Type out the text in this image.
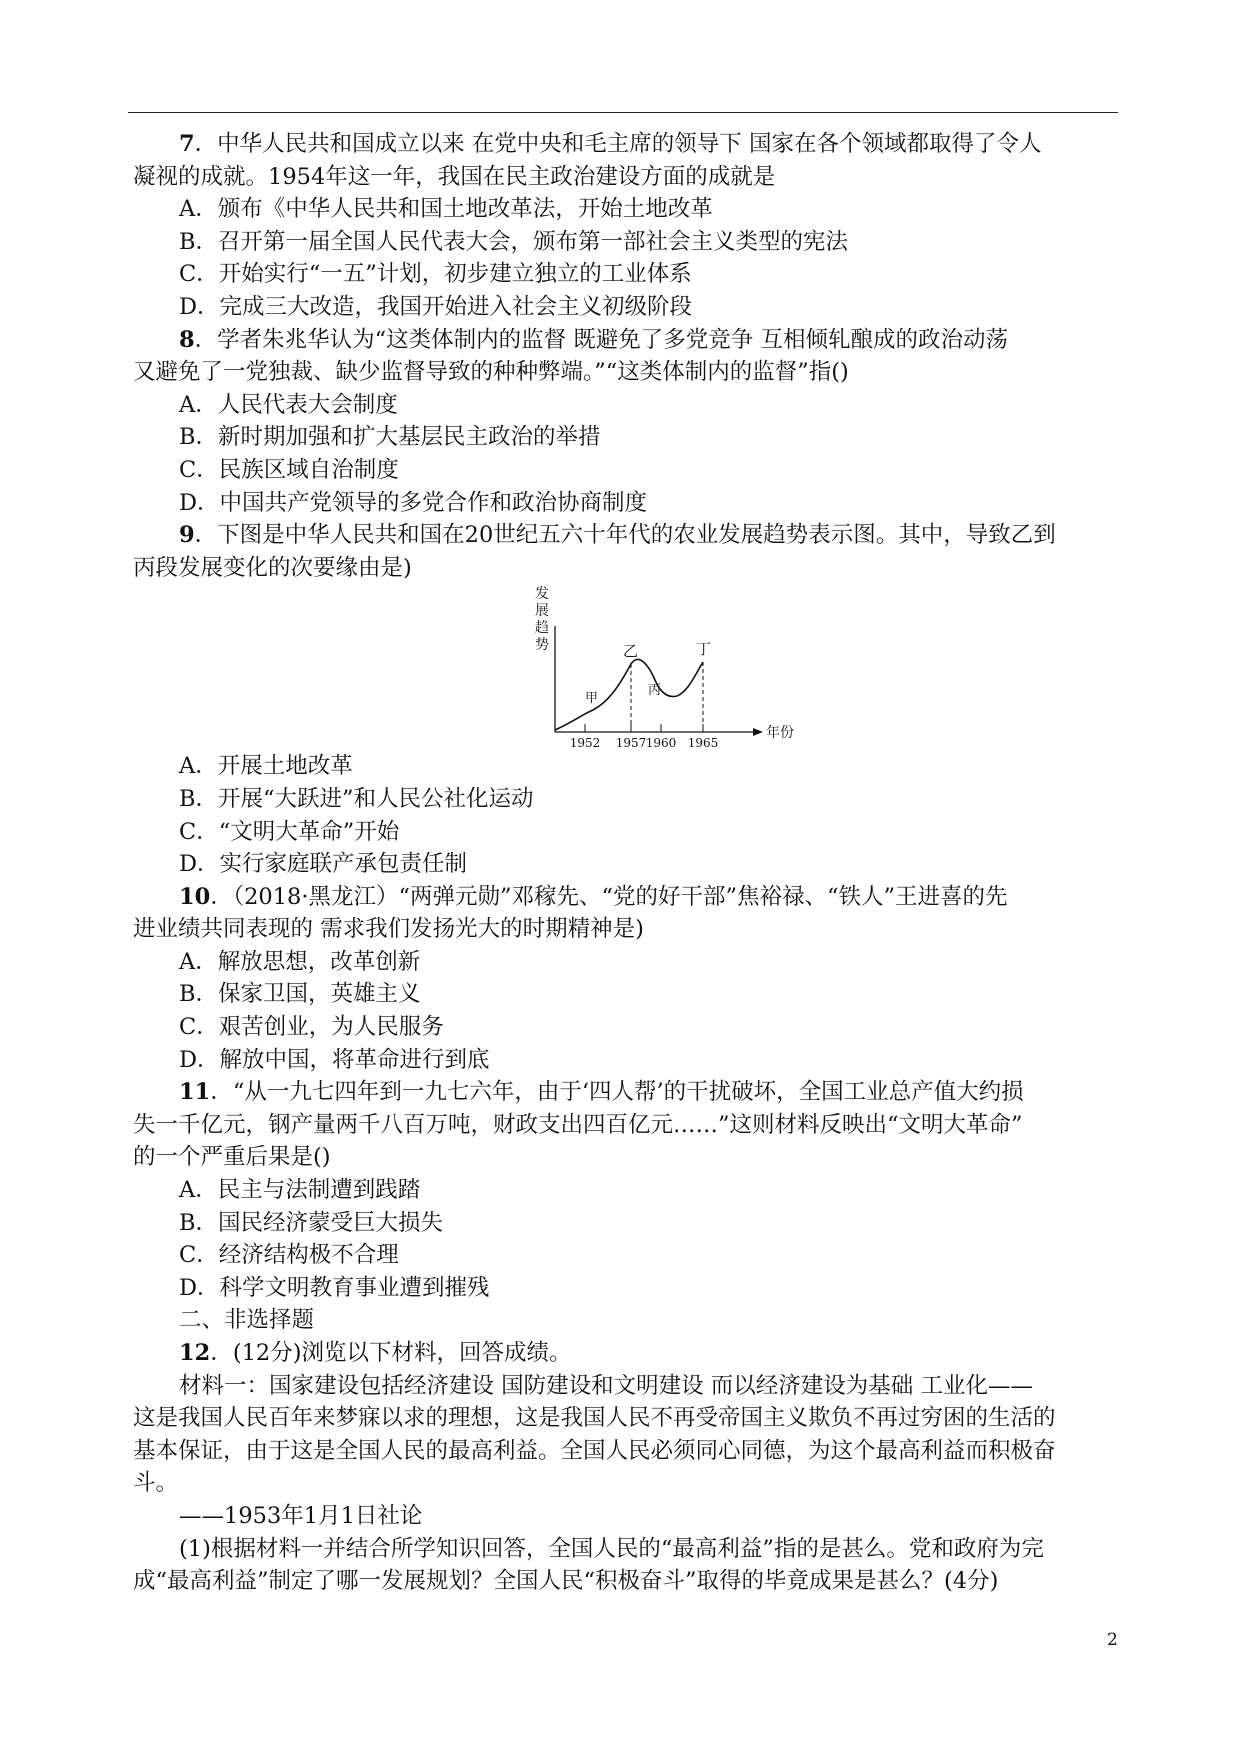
7．中华人民共和国成立以来 在党中央和毛主席的领导下 国家在各个领域都取得了令人
凝视的成就。1954年这一年，我国在民主政治建设方面的成就是
A．颁布《中华人民共和国土地改革法，开始土地改革
B．召开第一届全国人民代表大会，颁布第一部社会主义类型的宪法
C．开始实行“一五”计划，初步建立独立的工业体系
D．完成三大改造，我国开始进入社会主义初级阶段
8．学者朱兆华认为“这类体制内的监督 既避免了多党竞争 互相倾轧酿成的政治动荡
又避免了一党独裁、缺少监督导致的种种弊端。”“这类体制内的监督”指()
A．人民代表大会制度
B．新时期加强和扩大基层民主政治的举措
C．民族区域自治制度
D．中国共产党领导的多党合作和政治协商制度
9．下图是中华人民共和国在20世纪五六十年代的农业发展趋势表示图。其中，导致乙到
丙段发展变化的次要缘由是)
发展趋势
年份
1952 1957 1960 1965
甲
乙
丙
丁
A．开展土地改革
B．开展“大跃进”和人民公社化运动
C．“文明大革命”开始
D．实行家庭联产承包责任制
10．（2018·黑龙江）“两弹元勋”邓稼先、“党的好干部”焦裕禄、“铁人”王进喜的先
进业绩共同表现的 需求我们发扬光大的时期精神是)
A．解放思想，改革创新
B．保家卫国，英雄主义
C．艰苦创业，为人民服务
D．解放中国，将革命进行到底
11．“从一九七四年到一九七六年，由于‘四人帮’的干扰破坏，全国工业总产值大约损
失一千亿元，钢产量两千八百万吨，财政支出四百亿元……”这则材料反映出“文明大革命”
的一个严重后果是()
A．民主与法制遭到践踏
B．国民经济蒙受巨大损失
C．经济结构极不合理
D．科学文明教育事业遭到摧残
二、非选择题
12．(12分)浏览以下材料，回答成绩。
材料一：国家建设包括经济建设 国防建设和文明建设 而以经济建设为基础 工业化——
这是我国人民百年来梦寐以求的理想，这是我国人民不再受帝国主义欺负不再过穷困的生活的
基本保证，由于这是全国人民的最高利益。全国人民必须同心同德，为这个最高利益而积极奋
斗。
——1953年1月1日社论
(1)根据材料一并结合所学知识回答，全国人民的“最高利益”指的是甚么。党和政府为完
成“最高利益”制定了哪一发展规划？全国人民“积极奋斗”取得的毕竟成果是甚么？(4分)
2
